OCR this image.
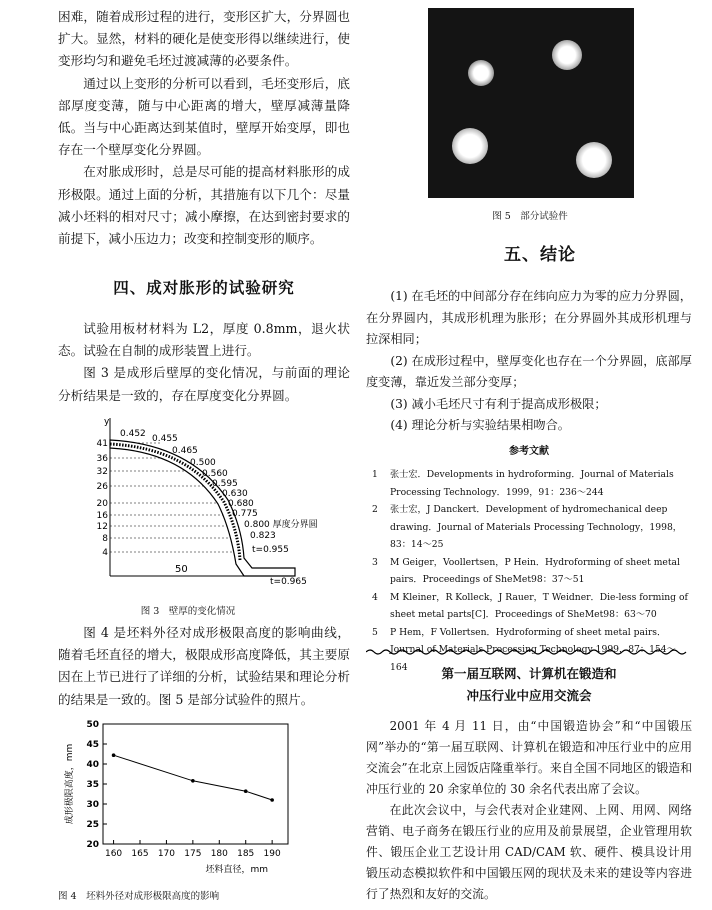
困难，随着成形过程的进行，变形区扩大，分界圆也扩大。显然，材料的硬化是使变形得以继续进行，使变形均匀和避免毛坯过渡减薄的必要条件。

通过以上变形的分析可以看到，毛坯变形后，底部厚度变薄，随与中心距离的增大，壁厚减薄量降低。当与中心距离达到某值时，壁厚开始变厚，即也存在一个壁厚变化分界圆。

在对胀成形时，总是尽可能的提高材料胀形的成形极限。通过上面的分析，其措施有以下几个：尽量减小坯料的相对尺寸；减小摩擦，在达到密封要求的前提下，减小压边力；改变和控制变形的顺序。

四、成对胀形的试验研究

试验用板材材料为 L2，厚度 0.8mm，退火状态。试验在自制的成形装置上进行。

图 3 是成形后壁厚的变化情况，与前面的理论分析结果是一致的，存在厚度变化分界圆。

y
41
36
32
26
20
16
12
8
4
50
0.452 0.455
0.465
0.500
0.560
0.595
0.630
0.680
0.775
0.800 厚度分界圆
0.823
t=0.955
t=0.965

图 3　壁厚的变化情况

图 4 是坯料外径对成形极限高度的影响曲线，随着毛坯直径的增大，极限成形高度降低，其主要原因在上节已进行了详细的分析，试验结果和理论分析的结果是一致的。图 5 是部分试验件的照片。

160 165 170 175 180 185 190
20
25
30
35
40
45
50
坯料直径，mm
成形极限高度，mm

图 4　坯料外径对成形极限高度的影响

图 5　部分试验件

五、结论

(1) 在毛坯的中间部分存在纬向应力为零的应力分界圆，在分界圆内，其成形机理为胀形；在分界圆外其成形机理与拉深相同；

(2) 在成形过程中，壁厚变化也存在一个分界圆，底部厚度变薄，靠近发兰部分变厚；

(3) 减小毛坯尺寸有利于提高成形极限；

(4) 理论分析与实验结果相吻合。

参考文献

1 张士宏．Developments in hydroforming．Journal of Materials Processing Technology．1999，91：236～244

2 张士宏，J Danckert．Development of hydromechanical deep drawing．Journal of Materials Processing Technology，1998，83：14～25

3 M Geiger，Voollertsen，P Hein．Hydroforming of sheet metal pairs．Proceedings of SheMet98：37～51

4 M Kleiner，R Kolleck，J Rauer，T Weidner．Die-less forming of sheet metal parts[C]．Proceedings of SheMet98：63～70

5 P Hem，F Vollertsen．Hydroforming of sheet metal pairs．Journal of Materials Processing Technology 1999，87：154～164	第一届互联网、计算机在锻造和

冲压行业中应用交流会

2001 年 4 月 11 日，由“中国锻造协会”和“中国锻压网”举办的“第一届互联网、计算机在锻造和冲压行业中的应用交流会”在北京上园饭店隆重举行。来自全国不同地区的锻造和冲压行业的 20 余家单位的 30 余名代表出席了会议。

在此次会议中，与会代表对企业建网、上网、用网、网络营销、电子商务在锻压行业的应用及前景展望，企业管理用软件、锻压企业工艺设计用 CAD/CAM 软、硬件、模具设计用锻压动态模拟软件和中国锻压网的现状及未来的建设等内容进行了热烈和友好的交流。
